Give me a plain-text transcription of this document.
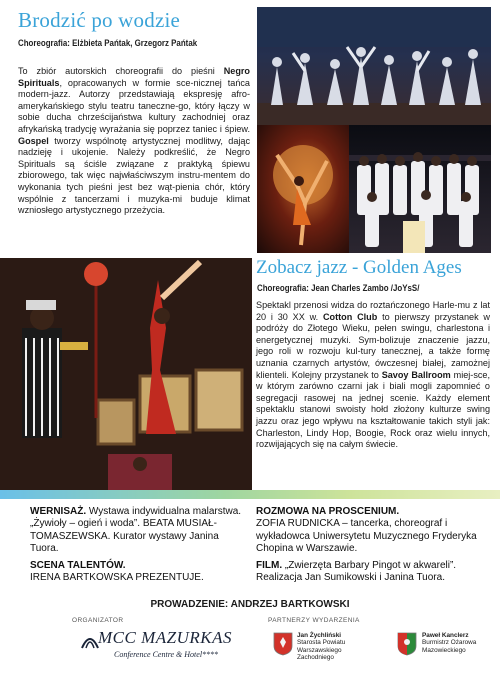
Brodzić po wodzie
Choreografia: Elżbieta Pańtak, Grzegorz Pańtak
To zbiór autorskich choreografii do pieśni Negro Spirituals, opracowanych w formie sce-nicznej tańca modern-jazz. Autorzy przedstawiają ekspresję afro-amerykańskiego stylu teatru taneczne-go, który łączy w sobie ducha chrześcijaństwa kultury zachodniej oraz afrykańską tradycję wyrażania się poprzez taniec i śpiew. Gospel tworzy wspólnotę artystycznej modlitwy, dając nadzieję i ukojenie. Należy podkreślić, że Negro Spirituals są ściśle związane z praktyką śpiewu zbiorowego, tak więc najwłaściwszym instru-mentem do wykonania tych pieśni jest bez wąt-pienia chór, który wspólnie z tancerzami i muzyka-mi buduje klimat wzniosłego artystycznego przeżycia.
Zobacz jazz - Golden Ages
Choreografia: Jean Charles Zambo /JoYsS/
Spektakl przenosi widza do roztańczonego Harle-mu z lat 20 i 30 XX w. Cotton Club to pierwszy przystanek w podróży do Złotego Wieku, pełen swingu, charlestona i energetycznej muzyki. Sym-bolizuje znaczenie jazzu, jego roli w rozwoju kul-tury tanecznej, a także formę uznania czarnych artystów, ówczesnej białej, zamożnej klienteli. Kolejny przystanek to Savoy Ballroom miej-sce, w którym zarówno czarni jak i biali mogli zapomnieć o segregacji rasowej na jednej scenie. Każdy element spektaklu stanowi swoisty hołd złożony kulturze swing jazzu oraz jego wpływu na kształtowanie takich styli jak: Charleston, Lindy Hop, Boogie, Rock oraz wielu innych, rozwijających się na całym świecie.
WERNISAŻ. Wystawa indywidualna malarstwa. „Żywioły – ogień i woda”. BEATA MUSIAŁ-TOMASZEWSKA. Kurator wystawy Janina Tuora.
SCENA TALENTÓW.
IRENA BARTKOWSKA PREZENTUJE.
ROZMOWA NA PROSCENIUM.
ZOFIA RUDNICKA – tancerka, choreograf i wykładowca Uniwersytetu Muzycznego Fryderyka Chopina w Warszawie.
FILM. „Zwierzęta Barbary Pingot w akwareli”. Realizacja Jan Sumikowski i Janina Tuora.
PROWADZENIE: ANDRZEJ BARTKOWSKI
ORGANIZATOR	PARTNERZY WYDARZENIA
MCC MAZURKAS
Conference Centre & Hotel****
Jan Żychliński
Starosta Powiatu Warszawskiego Zachodniego
Paweł Kanclerz
Burmistrz Ożarowa Mazowieckiego
